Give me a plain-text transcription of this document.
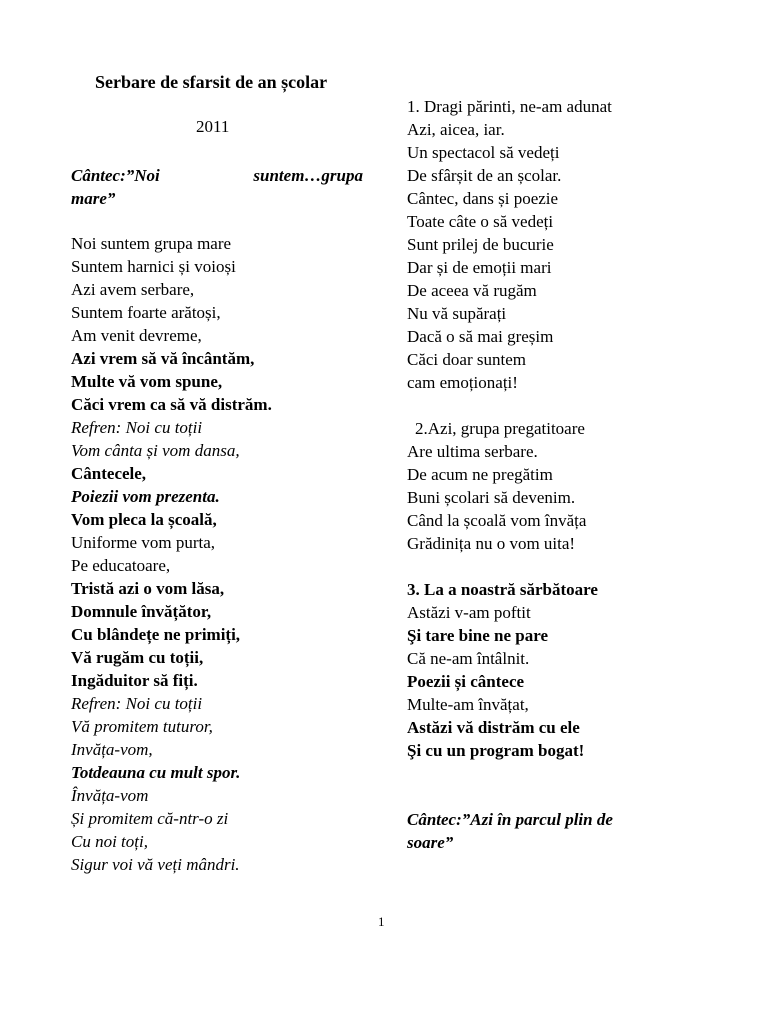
Serbare de sfarsit de an școlar
2011
Cântec:”Noi	suntem…grupa
mare”
Noi suntem grupa mare
Suntem harnici și voioși
Azi avem serbare,
Suntem foarte arătoși,
Am venit devreme,
Azi vrem să vă încântăm,
Multe vă vom spune,
Căci vrem ca să vă distrăm.
Refren: Noi cu toții
Vom cânta și vom dansa,
Cântecele,
Poiezii vom prezenta.
Vom pleca la școală,
Uniforme vom purta,
Pe educatoare,
Tristă azi o vom lăsa,
Domnule învățător,
Cu blândețe ne primiți,
Vă rugăm cu toții,
Ingăduitor să fiți.
Refren: Noi cu toții
Vă promitem tuturor,
Invăța-vom,
Totdeauna cu mult spor.
Învăța-vom
Și promitem că-ntr-o zi
Cu noi toți,
Sigur voi vă veți mândri.
1. Dragi părinti, ne-am adunat
Azi, aicea, iar.
Un spectacol să vedeți
De sfârșit de an școlar.
Cântec, dans și poezie
Toate câte o să vedeți
Sunt prilej de bucurie
Dar și de emoții mari
De aceea vă rugăm
Nu vă supărați
Dacă o să mai greșim
Căci doar suntem
cam emoționați!
2.Azi, grupa pregatitoare
Are ultima serbare.
De acum ne pregătim
Buni școlari să devenim.
Când la școală vom învăța
Grădinița nu o vom uita!
3. La a noastră sărbătoare
Astăzi v-am poftit
Şi tare bine ne pare
Că ne-am întâlnit.
Poezii și cântece
Multe-am învățat,
Astăzi vă distrăm cu ele
Şi cu un program bogat!
Cântec:”Azi în parcul plin de
soare”
1
